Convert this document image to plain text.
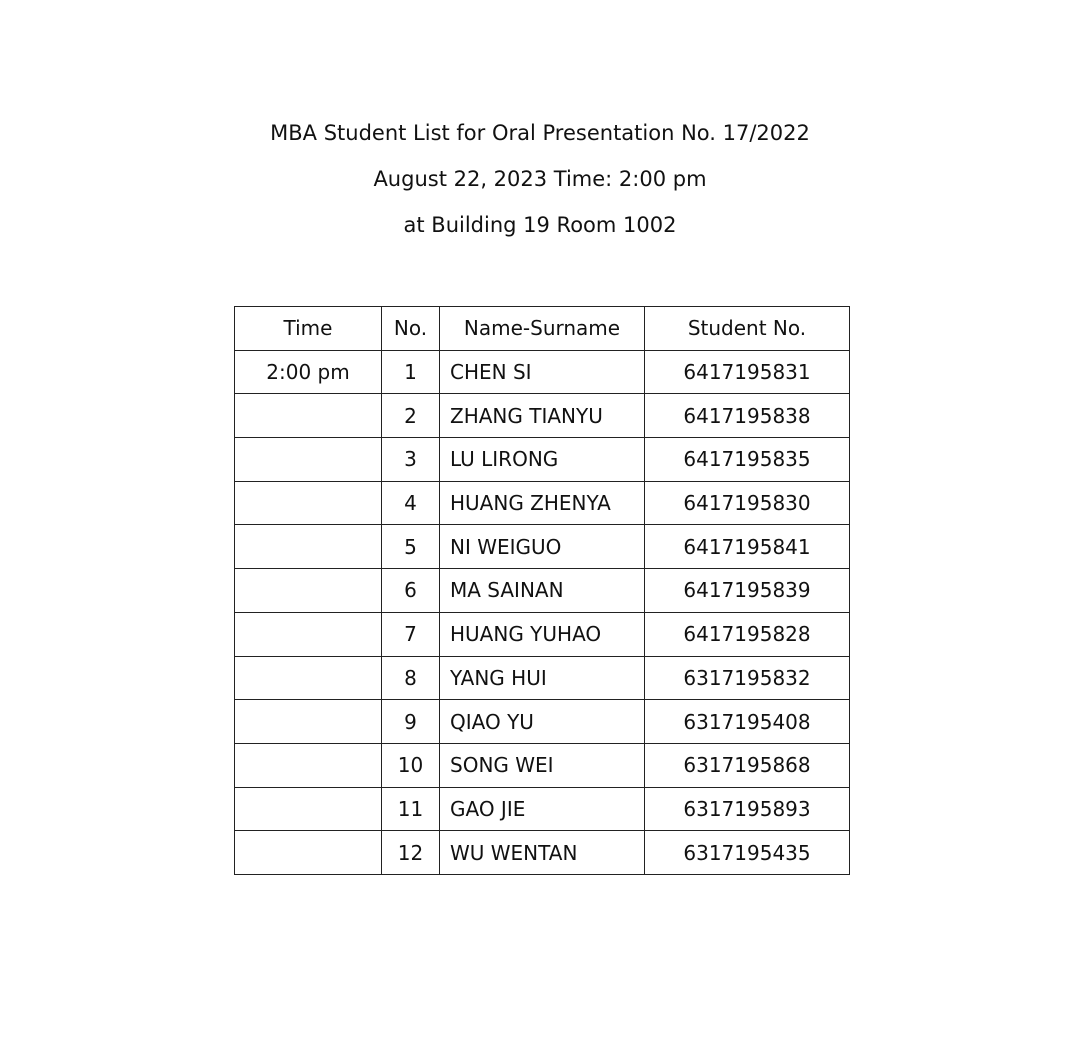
MBA Student List for Oral Presentation No. 17/2022
August 22, 2023 Time: 2:00 pm
at Building 19 Room 1002
Time	No.	Name-Surname	Student No.
2:00 pm	1	CHEN SI	6417195831
	2	ZHANG TIANYU	6417195838
	3	LU LIRONG	6417195835
	4	HUANG ZHENYA	6417195830
	5	NI WEIGUO	6417195841
	6	MA SAINAN	6417195839
	7	HUANG YUHAO	6417195828
	8	YANG HUI	6317195832
	9	QIAO YU	6317195408
	10	SONG WEI	6317195868
	11	GAO JIE	6317195893
	12	WU WENTAN	6317195435
